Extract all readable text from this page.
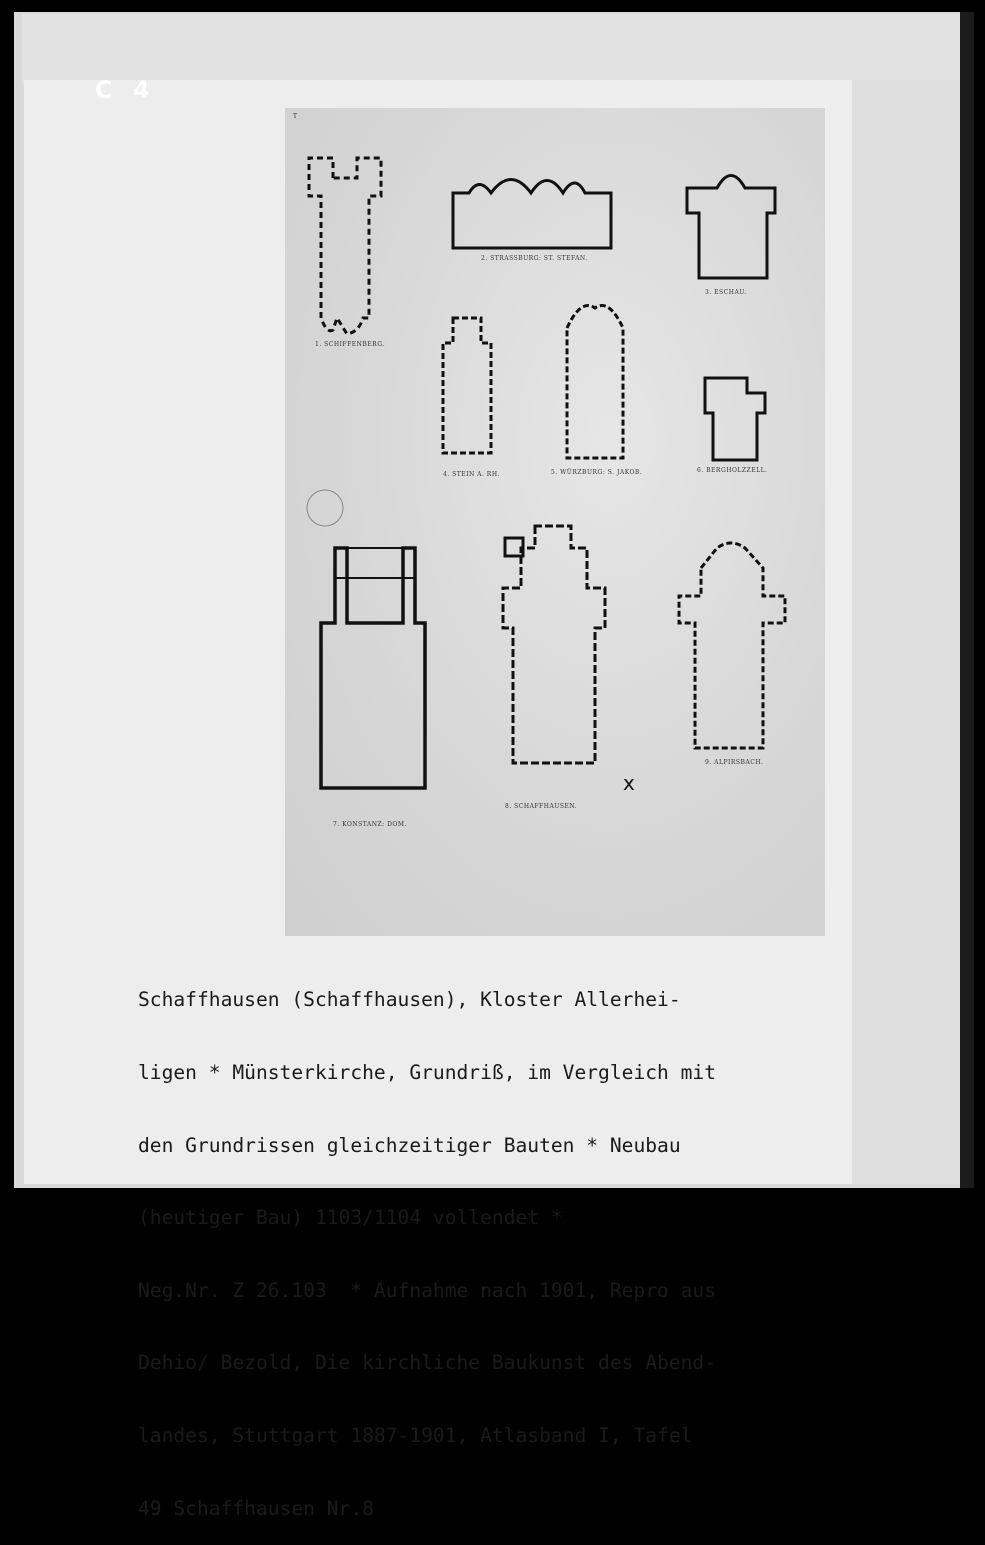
C 4
T
1. SCHIFFENBERG.
2. STRASSBURG: ST. STEFAN.
3. ESCHAU.
4. STEIN A. RH.	5. WÜRZBURG: S. JAKOB.	6. BERGHOLZZELL.
7. KONSTANZ: DOM.
8. SCHAFFHAUSEN.
9. ALPIRSBACH.
x

Schaffhausen (Schaffhausen), Kloster Allerhei-

ligen * Münsterkirche, Grundriß, im Vergleich mit

den Grundrissen gleichzeitiger Bauten * Neubau

(heutiger Bau) 1103/1104 vollendet *

Neg.Nr. Z 26.103  * Aufnahme nach 1901, Repro aus

Dehio/ Bezold, Die kirchliche Baukunst des Abend-

landes, Stuttgart 1887-1901, Atlasband I, Tafel

49 Schaffhausen Nr.8
